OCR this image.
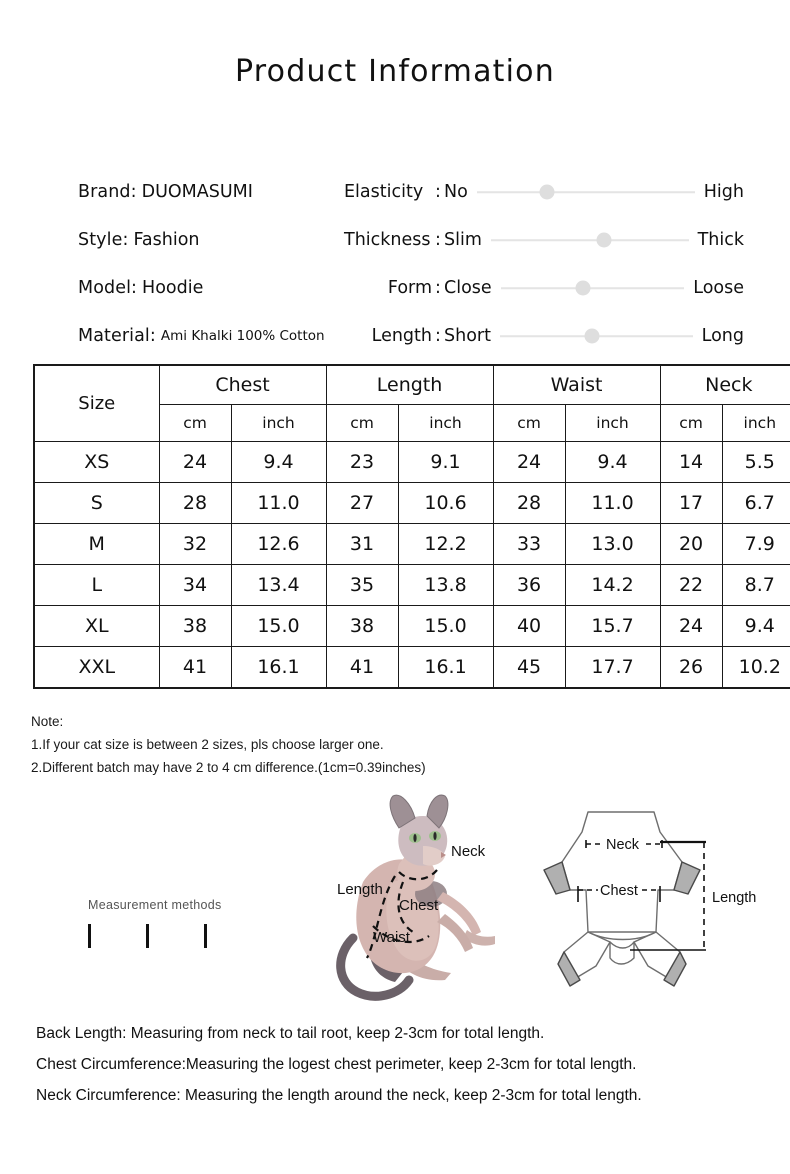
Product Information
Brand: DUOMASUMI
Style: Fashion
Model: Hoodie
Material: Ami Khalki 100% Cotton
Elasticity : No	High
Thickness : Slim	Thick
Form : Close	Loose
Length : Short	Long
Size	Chest		Length		Waist		Neck	
	cm	inch	cm	inch	cm	inch	cm	inch
XS	24	9.4	23	9.1	24	9.4	14	5.5
S	28	11.0	27	10.6	28	11.0	17	6.7
M	32	12.6	31	12.2	33	13.0	20	7.9
L	34	13.4	35	13.8	36	14.2	22	8.7
XL	38	15.0	38	15.0	40	15.7	24	9.4
XXL	41	16.1	41	16.1	45	17.7	26	10.2
Note:
1.If your cat size is between 2 sizes, pls choose larger one.
2.Different batch may have 2 to 4 cm difference.(1cm=0.39inches)
Measurement methods
Neck
Length
Chest
Waist
Neck
Chest	Length
Back Length: Measuring from neck to tail root, keep 2-3cm for total length.
Chest Circumference:Measuring the logest chest perimeter, keep 2-3cm for total length.
Neck Circumference: Measuring the length around the neck, keep 2-3cm for total length.
